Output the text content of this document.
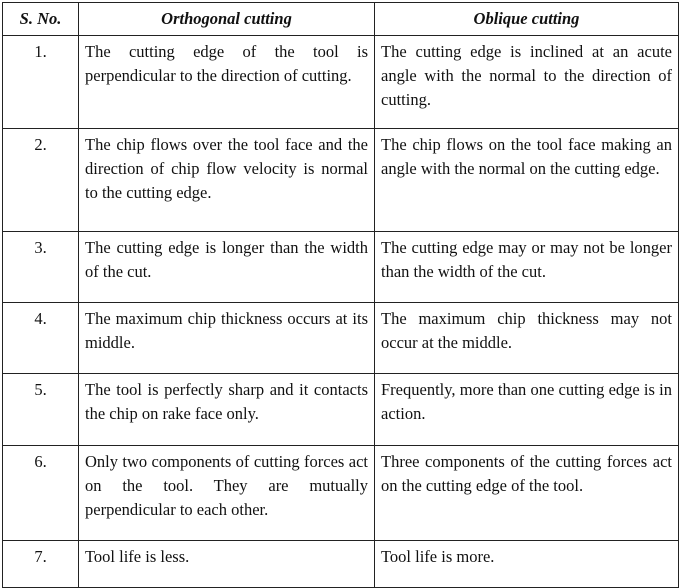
S. No.	Orthogonal cutting	Oblique cutting
1.	The cutting edge of the tool is perpendicular to the direction of cutting.	The cutting edge is inclined at an acute angle with the normal to the direction of cutting.
2.	The chip flows over the tool face and the direction of chip flow velocity is normal to the cutting edge.	The chip flows on the tool face making an angle with the normal on the cutting edge.
3.	The cutting edge is longer than the width of the cut.	The cutting edge may or may not be longer than the width of the cut.
4.	The maximum chip thickness occurs at its middle.	The maximum chip thickness may not occur at the middle.
5.	The tool is perfectly sharp and it contacts the chip on rake face only.	Frequently, more than one cutting edge is in action.
6.	Only two components of cutting forces act on the tool. They are mutually perpendicular to each other.	Three components of the cutting forces act on the cutting edge of the tool.
7.	Tool life is less.	Tool life is more.
